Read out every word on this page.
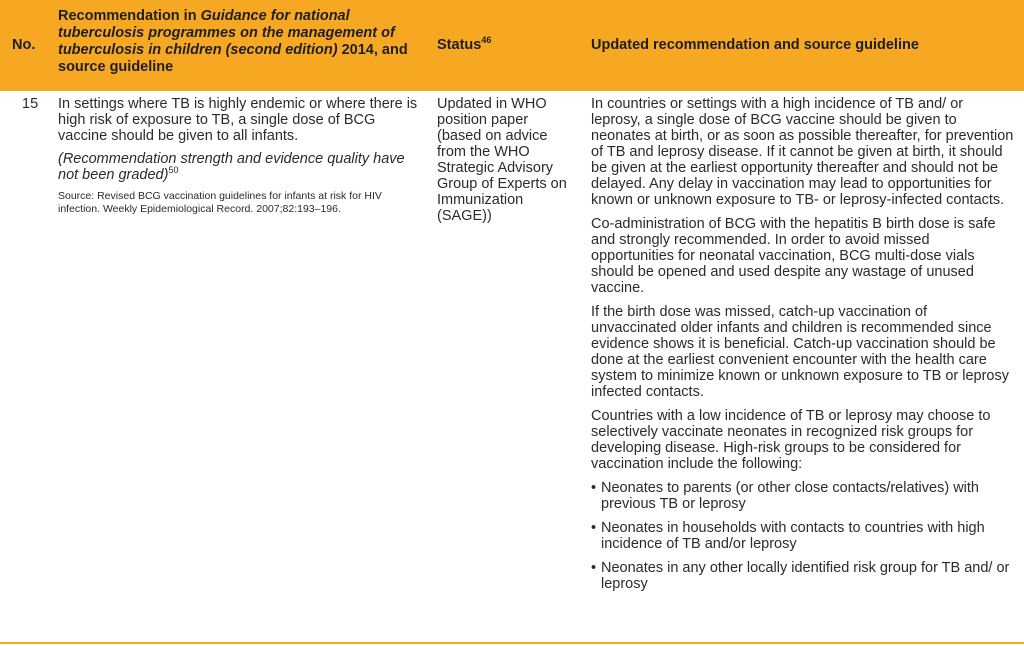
No.
Recommendation in Guidance for national tuberculosis programmes on the management of tuberculosis in children (second edition) 2014, and source guideline
Status$^{46}$	Updated recommendation and source guideline
15 In settings where TB is highly endemic or where there is high risk of exposure to TB, a single dose of BCG vaccine should be given to all infants.

(Recommendation strength and evidence quality have not been graded)$^{50}$

Source: Revised BCG vaccination guidelines for infants at risk for HIV infection. Weekly Epidemiological Record. 2007;82:193–196.

Updated in WHO position paper (based on advice from the WHO Strategic Advisory Group of Experts on Immunization (SAGE))

In countries or settings with a high incidence of TB and/ or leprosy, a single dose of BCG vaccine should be given to neonates at birth, or as soon as possible thereafter, for prevention of TB and leprosy disease. If it cannot be given at birth, it should be given at the earliest opportunity thereafter and should not be delayed. Any delay in vaccination may lead to opportunities for known or unknown exposure to TB- or leprosy-infected contacts.

Co-administration of BCG with the hepatitis B birth dose is safe and strongly recommended. In order to avoid missed opportunities for neonatal vaccination, BCG multi-dose vials should be opened and used despite any wastage of unused vaccine.

If the birth dose was missed, catch-up vaccination of unvaccinated older infants and children is recommended since evidence shows it is beneficial. Catch-up vaccination should be done at the earliest convenient encounter with the health care system to minimize known or unknown exposure to TB or leprosy infected contacts.

Countries with a low incidence of TB or leprosy may choose to selectively vaccinate neonates in recognized risk groups for developing disease. High-risk groups to be considered for vaccination include the following:

• Neonates to parents (or other close contacts/relatives) with previous TB or leprosy
• Neonates in households with contacts to countries with high incidence of TB and/or leprosy
• Neonates in any other locally identified risk group for TB and/ or leprosy
